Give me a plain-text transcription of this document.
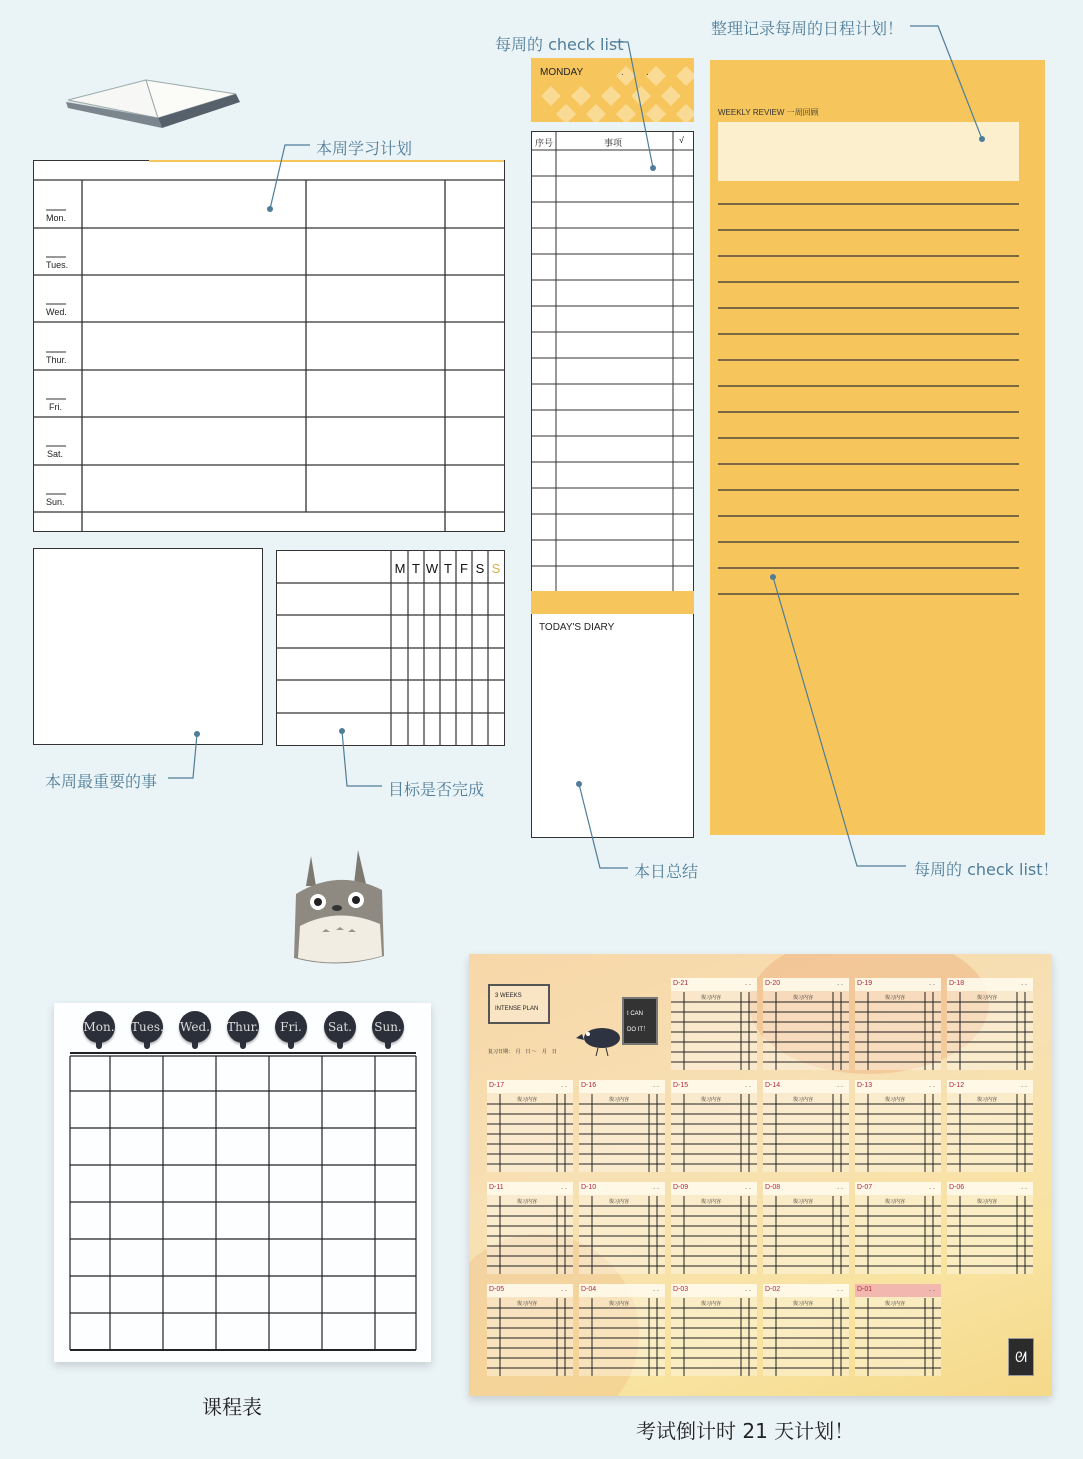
Mon.
Tues.
Wed.
Thur.
Fri.
Sat.
Sun.
M T W T F S S
MONDAY	.        .
序号	事项	√
TODAY'S DIARY
WEEKLY REVIEW 一周回顾
本周学习计划
每周的 check list
整理记录每周的日程计划！
本周最重要的事	目标是否完成
本日总结	每周的 check list！
Mon. Tues. Wed. Thur.	Fri.	Sat.	Sun.
课程表
3 WEEKS
INTENSE PLAN
复习日期：　月　日 ～　月　日
I CAN
DO IT！
ᘛ
D-21	. .
復习内容
D-20	. .
復习内容
D-19	. .
復习内容
D-18	. .
復习内容
D-17	. .
復习内容
D-16	. .
復习内容
D-15	. .
復习内容
D-14	. .
復习内容
D-13	. .
復习内容
D-12	. .
復习内容
D-11	. .
復习内容
D-10	. .
復习内容
D-09	. .
復习内容
D-08	. .
復习内容
D-07	. .
復习内容
D-06	. .
復习内容
D-05	. .
復习内容
D-04	. .
復习内容
D-03	. .
復习内容
D-02	. .
復习内容
D-01	. .
復习内容
考试倒计时 21 天计划！
